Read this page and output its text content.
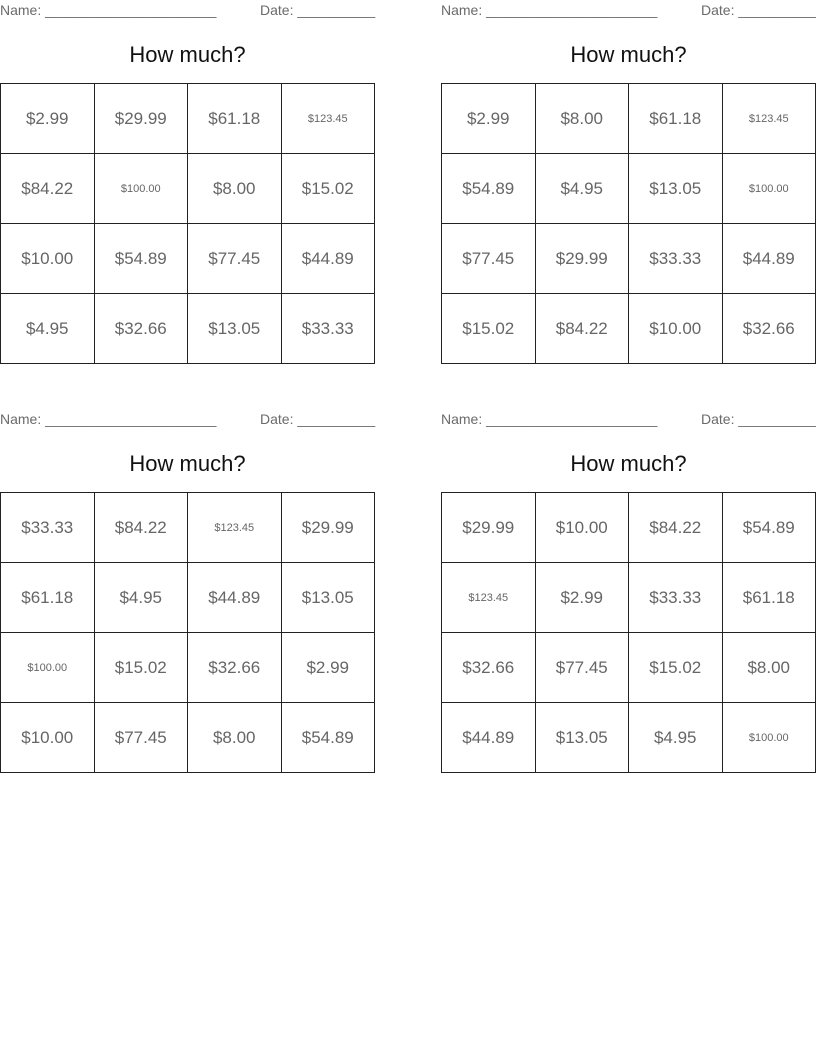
Name: ______________________	Date: __________
How much?
$2.99	$29.99	$61.18	$123.45
$84.22	$100.00	$8.00	$15.02
$10.00	$54.89	$77.45	$44.89
$4.95	$32.66	$13.05	$33.33
Name: ______________________	Date: __________
How much?
$2.99	$8.00	$61.18	$123.45
$54.89	$4.95	$13.05	$100.00
$77.45	$29.99	$33.33	$44.89
$15.02	$84.22	$10.00	$32.66
Name: ______________________	Date: __________
How much?
$33.33	$84.22	$123.45	$29.99
$61.18	$4.95	$44.89	$13.05
$100.00	$15.02	$32.66	$2.99
$10.00	$77.45	$8.00	$54.89
Name: ______________________	Date: __________
How much?
$29.99	$10.00	$84.22	$54.89
$123.45	$2.99	$33.33	$61.18
$32.66	$77.45	$15.02	$8.00
$44.89	$13.05	$4.95	$100.00
